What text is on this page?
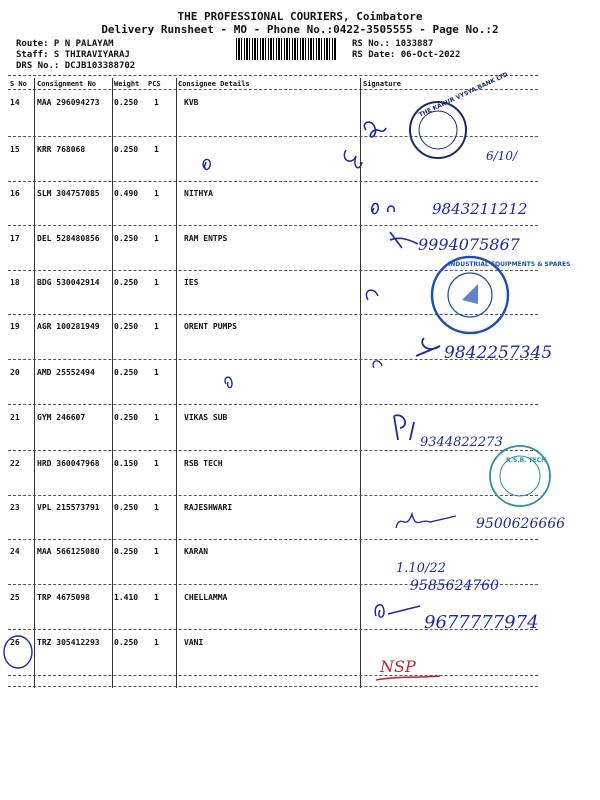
THE PROFESSIONAL COURIERS, Coimbatore
Delivery Runsheet - MO - Phone No.:0422-3505555 - Page No.:2
Route: P N PALAYAM
Staff: S THIRAVIYARAJ
DRS No.: DCJB103388702
RS No.: 1033887
RS Date: 06-Oct-2022
S No Consignment No	Weight PCS Consignee Details	Signature
14 MAA 296094273 0.250 1	KVB
15 KRR 768068	0.250 1
16 SLM 304757085 0.490 1	NITHYA
17 DEL 528480856 0.250 1	RAM ENTPS
18 BDG 530042914 0.250 1	IES
19 AGR 100281949 0.250 1	ORENT PUMPS
20 AMD 25552494 0.250 1
21 GYM 246607	0.250 1	VIKAS SUB
22 HRD 360047968 0.150 1	RSB TECH
23 VPL 215573791 0.250 1	RAJESHWARI
24 MAA 566125080 0.250 1	KARAN
25 TRP 4675098	1.410 1	CHELLAMMA
26 TRZ 305412293 0.250 1	VANI
THE KARUR VYSYA BANK LTD
6/10/
9843211212
9994075867
INDUSTRIAL EQUIPMENTS & SPARES
9842257345
9344822273
R.S.B. TECH
9500626666
1.10/22
9585624760
9677777974
NSP
